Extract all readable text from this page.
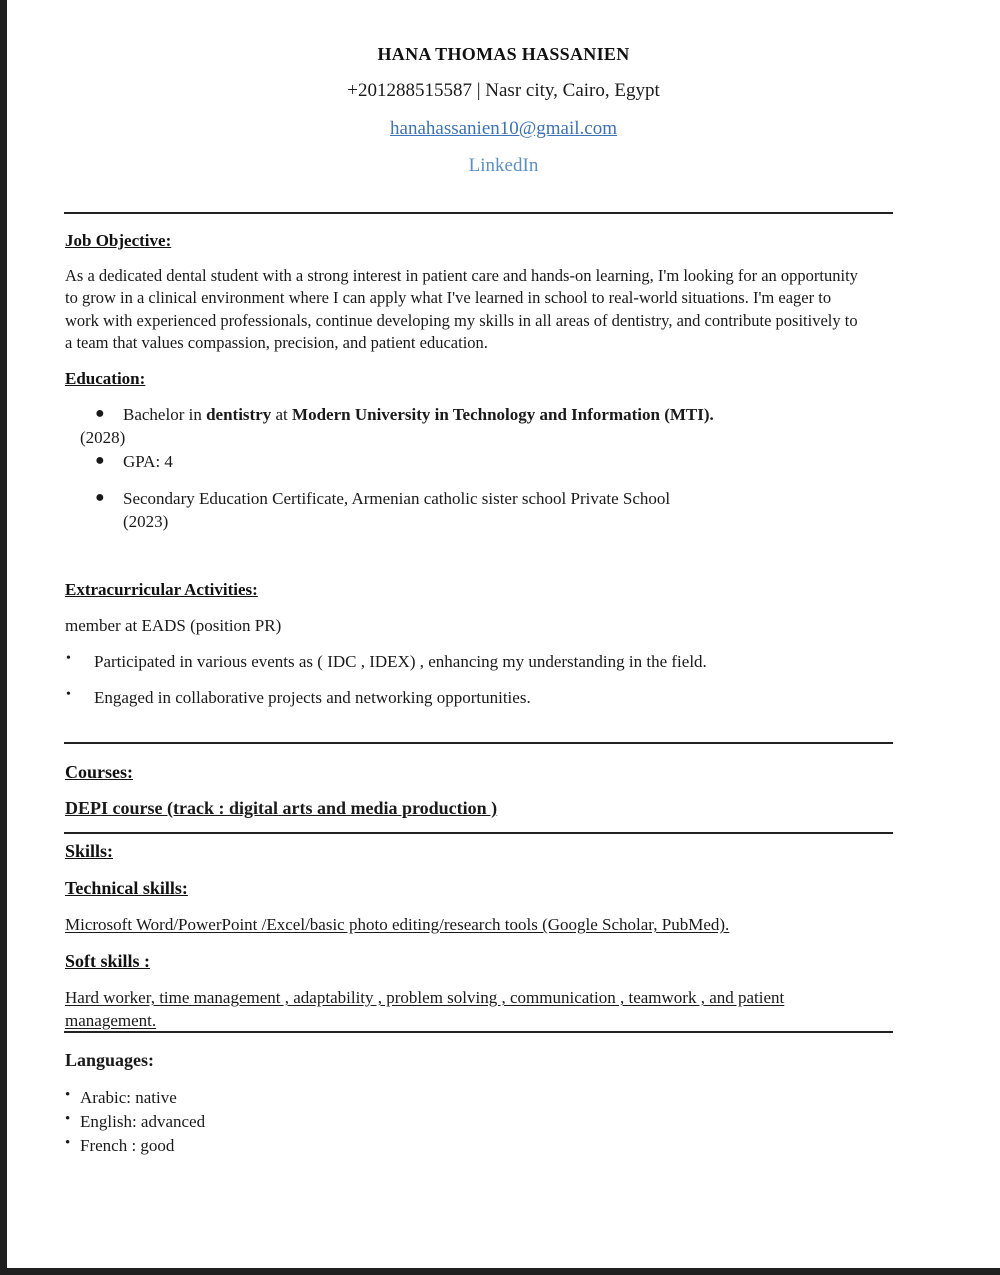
HANA THOMAS HASSANIEN

+201288515587 | Nasr city, Cairo, Egypt

hanahassanien10@gmail.com

LinkedIn

Job Objective:

As a dedicated dental student with a strong interest in patient care and hands-on learning, I'm looking for an opportunity to grow in a clinical environment where I can apply what I've learned in school to real-world situations. I'm eager to work with experienced professionals, continue developing my skills in all areas of dentistry, and contribute positively to a team that values compassion, precision, and patient education.

Education:

● Bachelor in dentistry at Modern University in Technology and Information (MTI).

(2028)

● GPA: 4

● Secondary Education Certificate, Armenian catholic sister school Private School

(2023)

Extracurricular Activities:

member at EADS (position PR)

• Participated in various events as ( IDC , IDEX) , enhancing my understanding in the field.

• Engaged in collaborative projects and networking opportunities.

Courses:

DEPI course (track : digital arts and media production )

Skills:

Technical skills:

Microsoft Word/PowerPoint /Excel/basic photo editing/research tools (Google Scholar, PubMed).

Soft skills :

Hard worker, time management , adaptability , problem solving , communication , teamwork , and patient

management.

Languages:

• Arabic: native

• English: advanced

• French : good
